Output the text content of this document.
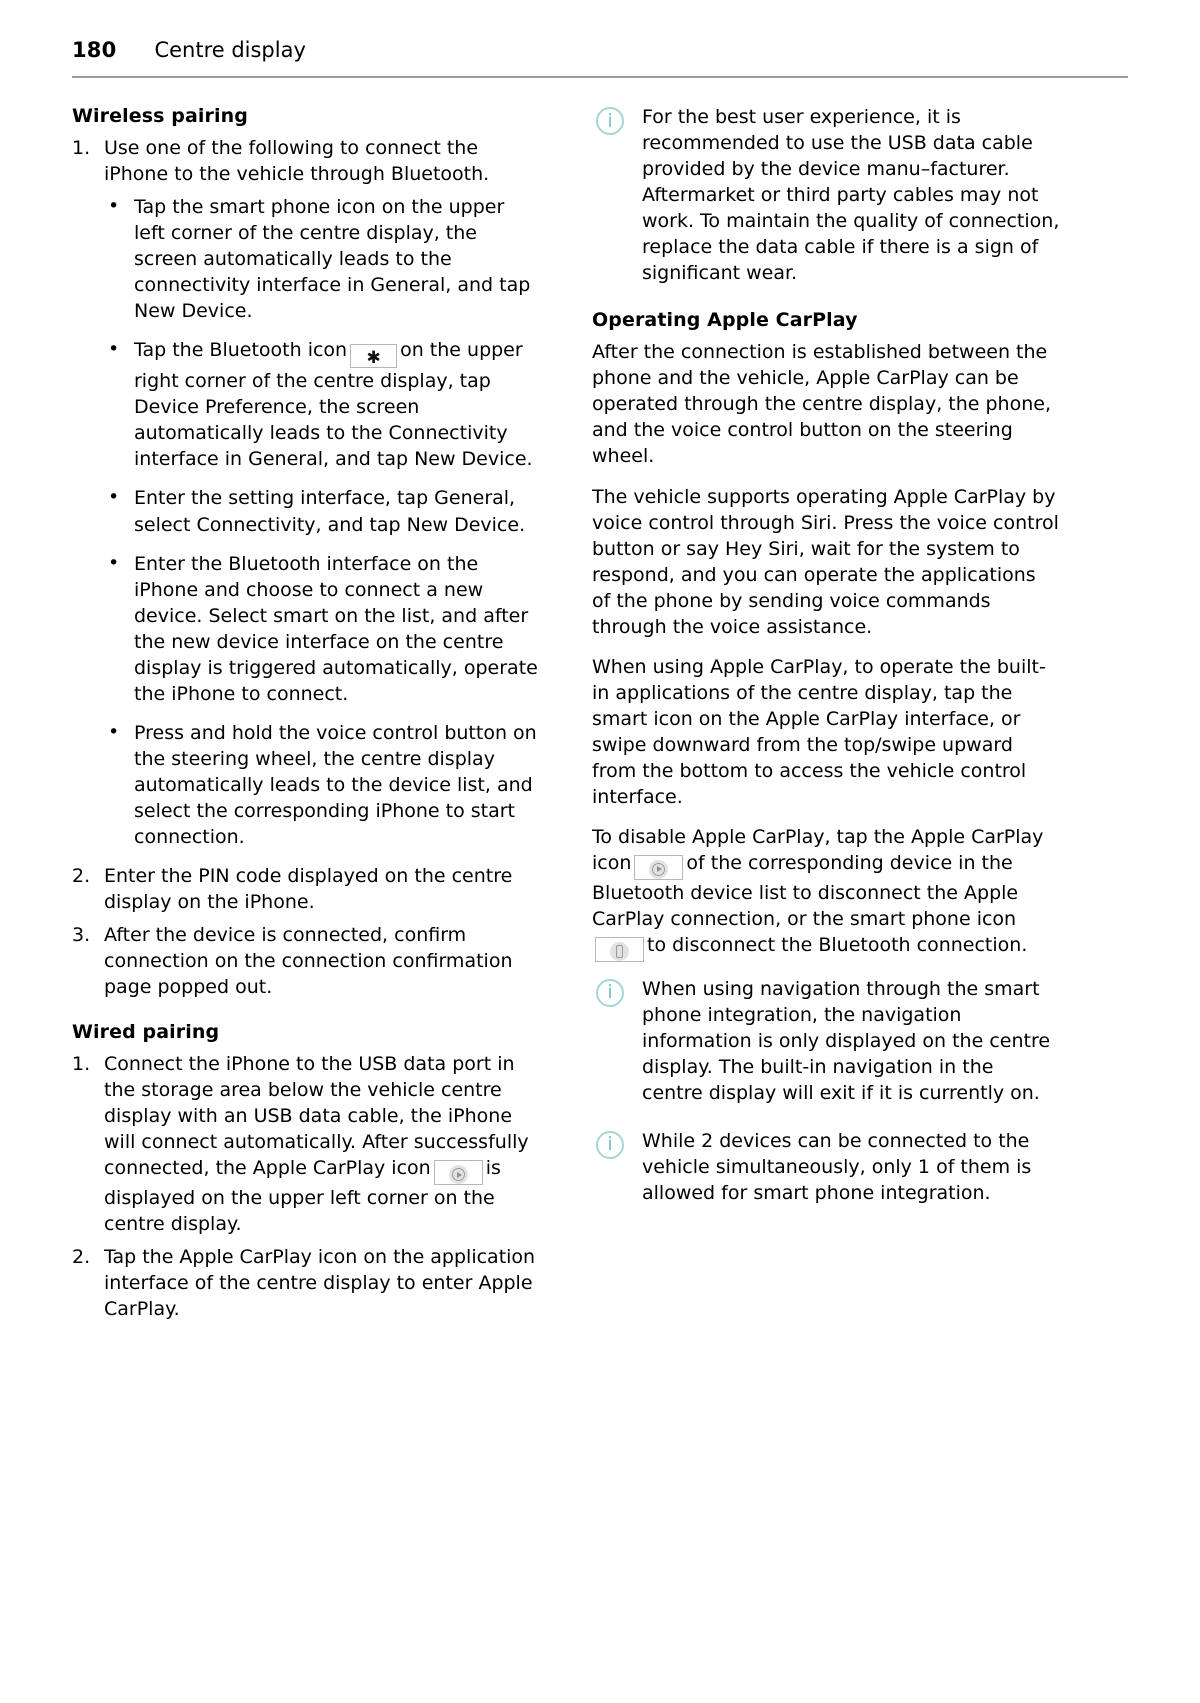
180 Centre display
Wireless pairing
1. Use one of the following to connect the iPhone to the vehicle through Bluetooth.
• Tap the smart phone icon on the upper left corner of the centre display, the screen automatically leads to the connectivity interface in General, and tap New Device.
• Tap the Bluetooth icon ✱ on the upper right corner of the centre display, tap Device Preference, the screen automatically leads to the Connectivity interface in General, and tap New Device.
• Enter the setting interface, tap General, select Connectivity, and tap New Device.
• Enter the Bluetooth interface on the iPhone and choose to connect a new device. Select smart on the list, and after the new device interface on the centre display is triggered automatically, operate the iPhone to connect.
• Press and hold the voice control button on the steering wheel, the centre display automatically leads to the device list, and select the corresponding iPhone to start connection.
2. Enter the PIN code displayed on the centre display on the iPhone.
3. After the device is connected, confirm connection on the connection confirmation page popped out.
Wired pairing
1. Connect the iPhone to the USB data port in the storage area below the vehicle centre display with an USB data cable, the iPhone will connect automatically. After successfully connected, the Apple CarPlay icon	is displayed on the upper left corner on the centre display.
2. Tap the Apple CarPlay icon on the application interface of the centre display to enter Apple CarPlay.
i For the best user experience, it is recommended to use the USB data cable provided by the device manu–facturer. Aftermarket or third party cables may not work. To maintain the quality of connection, replace the data cable if there is a sign of significant wear.
Operating Apple CarPlay

After the connection is established between the phone and the vehicle, Apple CarPlay can be operated through the centre display, the phone, and the voice control button on the steering wheel.

The vehicle supports operating Apple CarPlay by voice control through Siri. Press the voice control button or say Hey Siri, wait for the system to respond, and you can operate the applications of the phone by sending voice commands through the voice assistance.

When using Apple CarPlay, to operate the built-in applications of the centre display, tap the smart icon on the Apple CarPlay interface, or swipe downward from the top/swipe upward from the bottom to access the vehicle control interface.

To disable Apple CarPlay, tap the Apple CarPlay icon	of the corresponding device in the Bluetooth device list to disconnect the Apple CarPlay connection, or the smart phone icon
to disconnect the Bluetooth connection.

i When using navigation through the smart phone integration, the navigation information is only displayed on the centre display. The built-in navigation in the centre display will exit if it is currently on.
i While 2 devices can be connected to the vehicle simultaneously, only 1 of them is allowed for smart phone integration.
